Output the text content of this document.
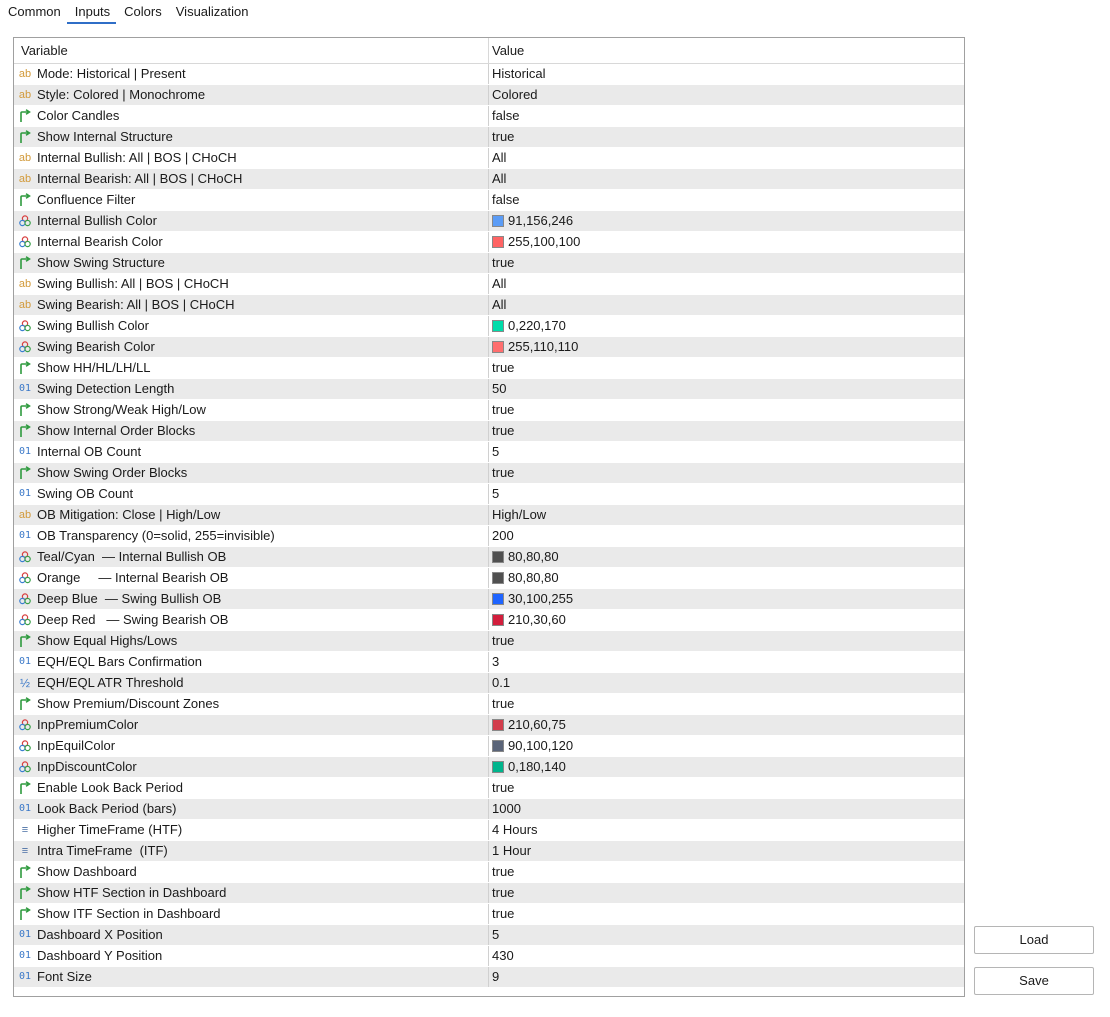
Common	Inputs	Colors	Visualization
Variable	Value
ab Mode: Historical | Present	Historical
ab Style: Colored | Monochrome	Colored
Color Candles	false
Show Internal Structure	true
ab Internal Bullish: All | BOS | CHoCH	All
ab Internal Bearish: All | BOS | CHoCH	All
Confluence Filter	false
Internal Bullish Color	91,156,246
Internal Bearish Color	255,100,100
Show Swing Structure	true
ab Swing Bullish: All | BOS | CHoCH	All
ab Swing Bearish: All | BOS | CHoCH	All
Swing Bullish Color	0,220,170
Swing Bearish Color	255,110,110
Show HH/HL/LH/LL	true
01 Swing Detection Length	50
Show Strong/Weak High/Low	true
Show Internal Order Blocks	true
01 Internal OB Count	5
Show Swing Order Blocks	true
01 Swing OB Count	5
ab OB Mitigation: Close | High/Low	High/Low
01 OB Transparency (0=solid, 255=invisible)	200
Teal/Cyan  — Internal Bullish OB	80,80,80
Orange     — Internal Bearish OB	80,80,80
Deep Blue  — Swing Bullish OB	30,100,255
Deep Red   — Swing Bearish OB	210,30,60
Show Equal Highs/Lows	true
01 EQH/EQL Bars Confirmation	3
½ EQH/EQL ATR Threshold	0.1
Show Premium/Discount Zones	true
InpPremiumColor	210,60,75
InpEquilColor	90,100,120
InpDiscountColor	0,180,140
Enable Look Back Period	true
01 Look Back Period (bars)	1000
≡ Higher TimeFrame (HTF)	4 Hours
≡ Intra TimeFrame  (ITF)	1 Hour
Show Dashboard	true
Show HTF Section in Dashboard	true
Show ITF Section in Dashboard	true
01 Dashboard X Position	5
01 Dashboard Y Position	430
01 Font Size	9
Load
Save
